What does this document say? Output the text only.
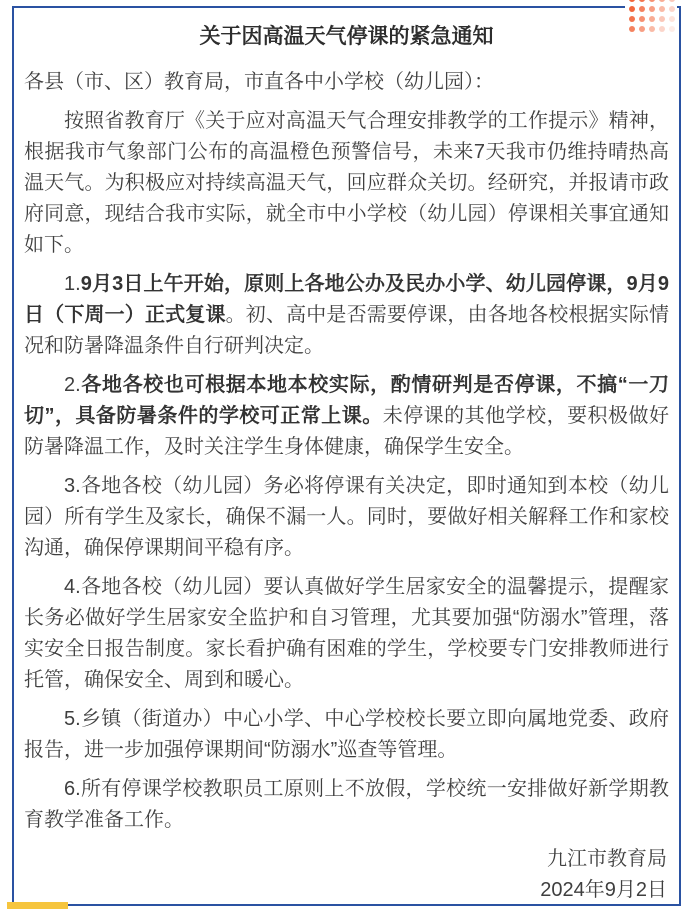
关于因高温天气停课的紧急通知

各县（市、区）教育局，市直各中小学校（幼儿园）：

按照省教育厅《关于应对高温天气合理安排教学的工作提示》精神，根据我市气象部门公布的高温橙色预警信号，未来7天我市仍维持晴热高温天气。为积极应对持续高温天气，回应群众关切。经研究，并报请市政府同意，现结合我市实际，就全市中小学校（幼儿园）停课相关事宜通知如下。

1.9月3日上午开始，原则上各地公办及民办小学、幼儿园停课，9月9日（下周一）正式复课。初、高中是否需要停课，由各地各校根据实际情况和防暑降温条件自行研判决定。

2.各地各校也可根据本地本校实际，酌情研判是否停课，不搞“一刀切”，具备防暑条件的学校可正常上课。未停课的其他学校，要积极做好防暑降温工作，及时关注学生身体健康，确保学生安全。

3.各地各校（幼儿园）务必将停课有关决定，即时通知到本校（幼儿园）所有学生及家长，确保不漏一人。同时，要做好相关解释工作和家校沟通，确保停课期间平稳有序。

4.各地各校（幼儿园）要认真做好学生居家安全的温馨提示，提醒家长务必做好学生居家安全监护和自习管理，尤其要加强“防溺水”管理，落实安全日报告制度。家长看护确有困难的学生，学校要专门安排教师进行托管，确保安全、周到和暖心。

5.乡镇（街道办）中心小学、中心学校校长要立即向属地党委、政府报告，进一步加强停课期间“防溺水”巡查等管理。

6.所有停课学校教职员工原则上不放假，学校统一安排做好新学期教育教学准备工作。

九江市教育局
2024年9月2日
